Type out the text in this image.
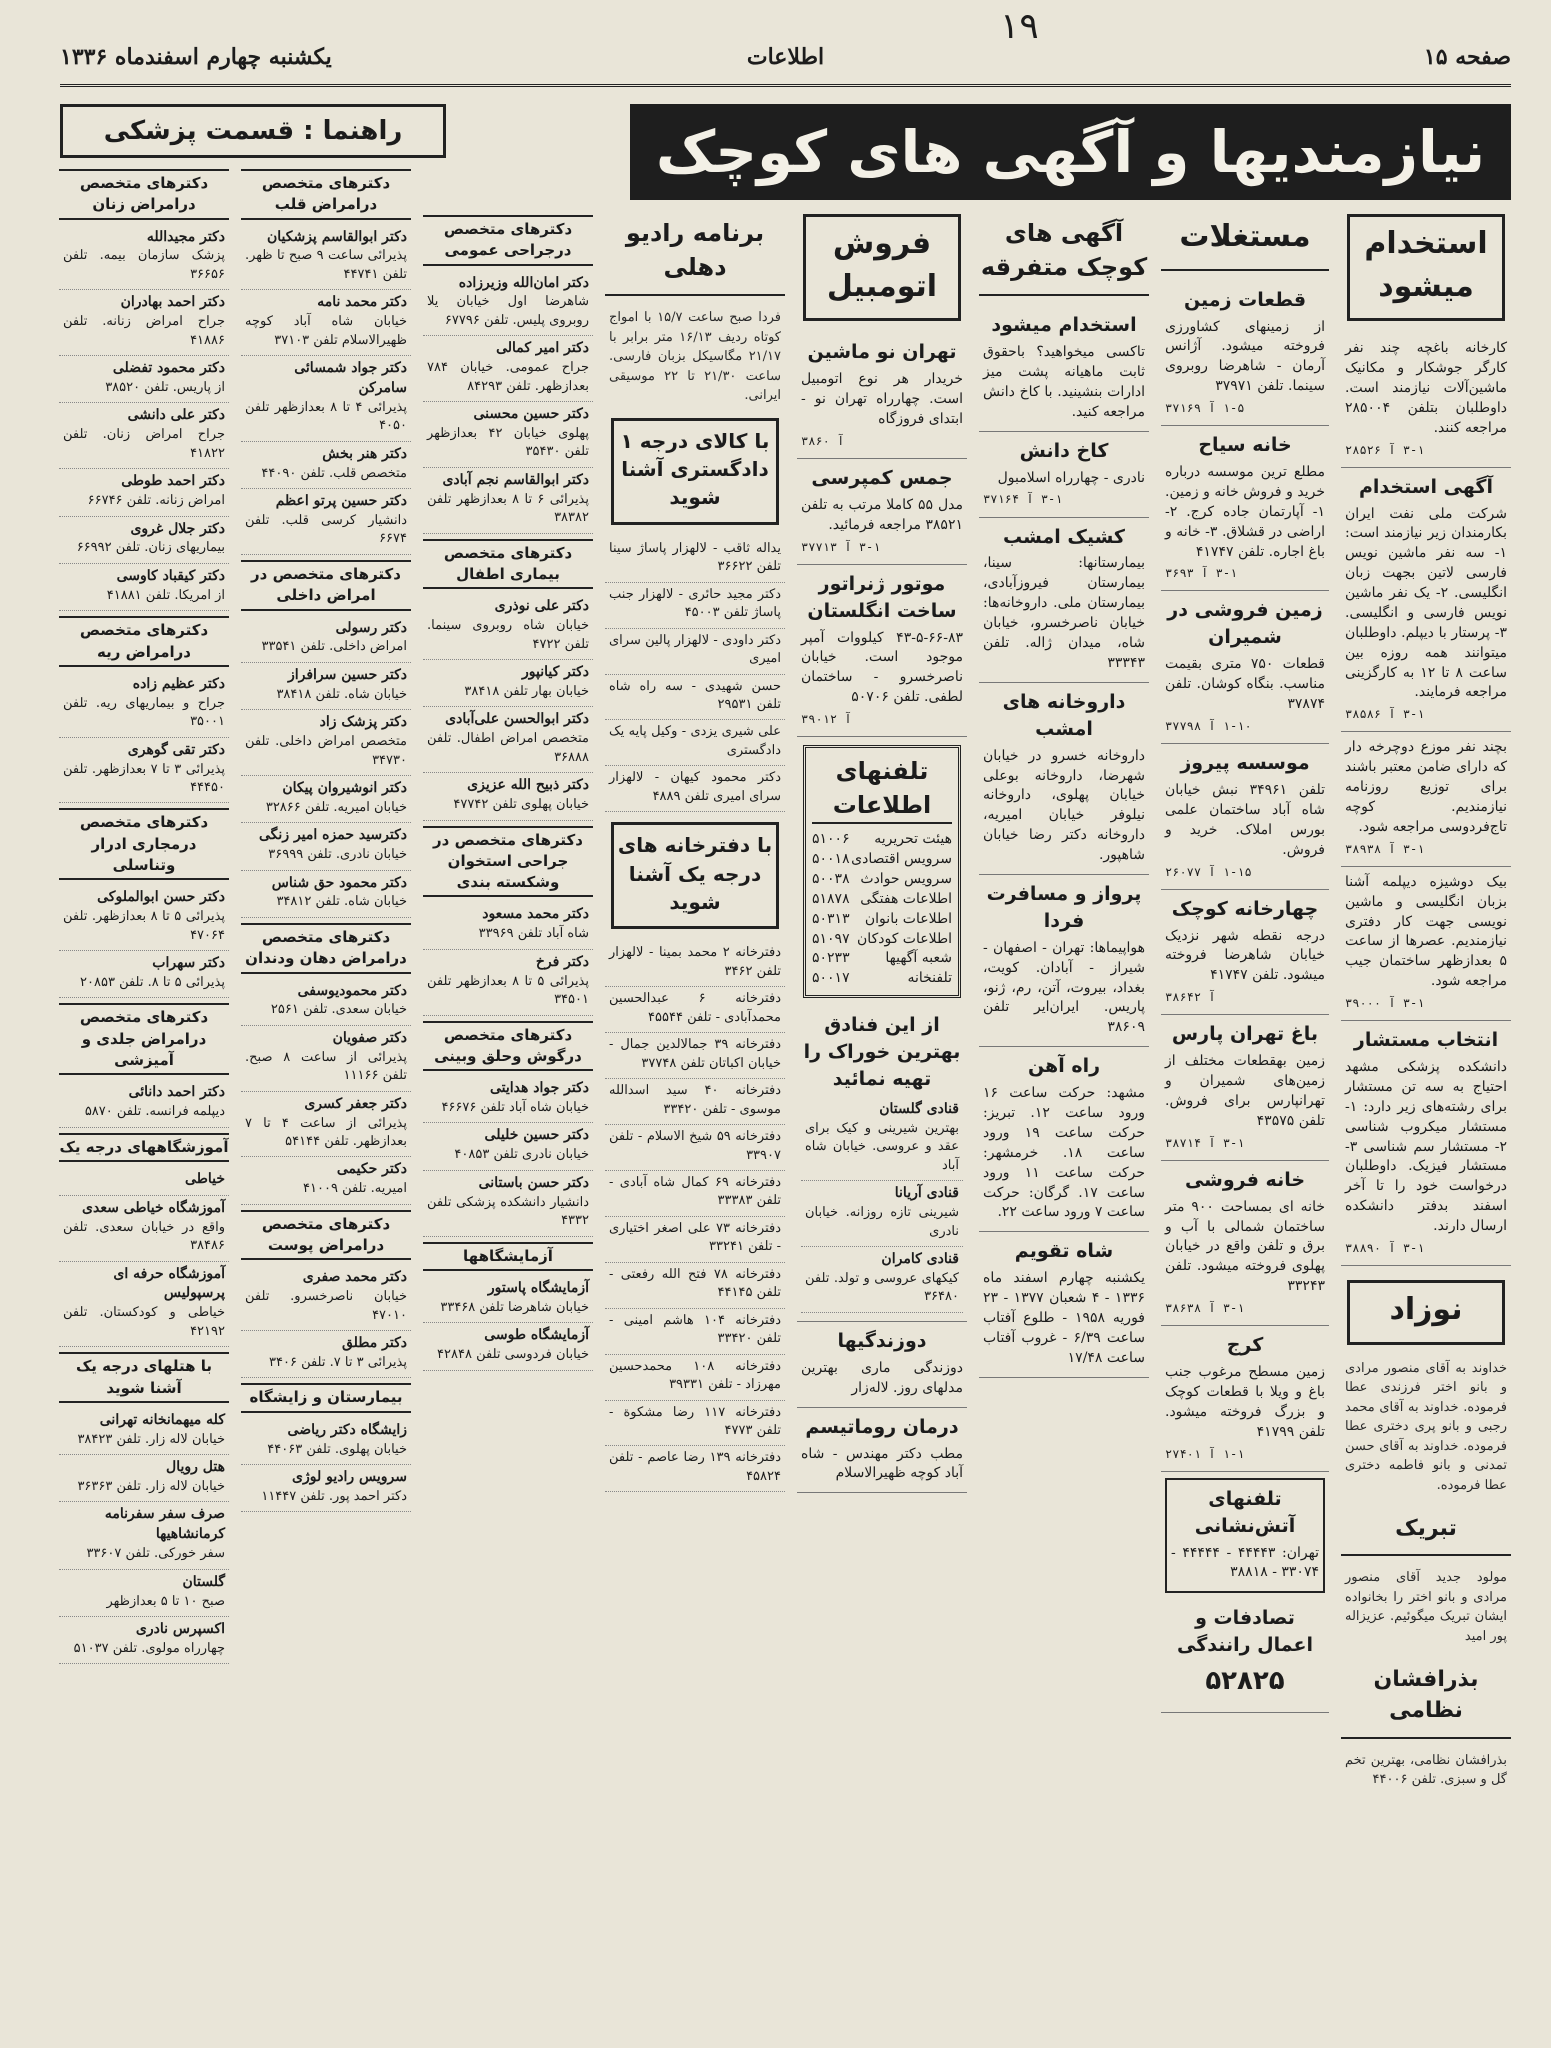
صفحه ۱۵
اطلاعات
یکشنبه چهارم اسفندماه ۱۳۳۶
۱۹
نیازمندیها و آگهی های کوچک
راهنما : قسمت پزشکی
استخدام میشود
کارخانه باغچه چند نفر کارگر جوشکار و مکانیک ماشین‌آلات نیازمند است. داوطلبان بتلفن ۲۸۵۰۰۴ مراجعه کنند.
۳-۱ آ ۲۸۵۲۶
آگهی استخدام
شرکت ملی نفت ایران بکارمندان زیر نیازمند است: ۱- سه نفر ماشین نویس فارسی لاتین بجهت زبان انگلیسی. ۲- یک نفر ماشین نویس فارسی و انگلیسی. ۳- پرستار با دیپلم. داوطلبان میتوانند همه روزه بین ساعت ۸ تا ۱۲ به کارگزینی مراجعه فرمایند.
۳-۱ آ ۳۸۵۸۶
بچند نفر موزع دوچرخه دار که دارای ضامن معتبر باشند برای توزیع روزنامه نیازمندیم. کوچه تاج‌فردوسی مراجعه شود.
۳-۱ آ ۳۸۹۳۸
بیک دوشیزه دیپلمه آشنا بزبان انگلیسی و ماشین نویسی جهت کار دفتری نیازمندیم. عصرها از ساعت ۵ بعدازظهر ساختمان جیب مراجعه شود.
۳-۱ آ ۳۹۰۰۰
انتخاب مستشار
دانشکده پزشکی مشهد احتیاج به سه تن مستشار برای رشته‌های زیر دارد: ۱- مستشار میکروب شناسی ۲- مستشار سم شناسی ۳- مستشار فیزیک. داوطلبان درخواست خود را تا آخر اسفند بدفتر دانشکده ارسال دارند.
۳-۱ آ ۳۸۸۹۰
نوزاد
خداوند به آقای منصور مرادی و بانو اختر فرزندی عطا فرموده. خداوند به آقای محمد رجبی و بانو پری دختری عطا فرموده. خداوند به آقای حسن تمدنی و بانو فاطمه دختری عطا فرموده.
تبریک
مولود جدید آقای منصور مرادی و بانو اختر را بخانواده ایشان تبریک میگوئیم. عزیزاله پور امید
بذرافشان نظامی
بذرافشان نظامی، بهترین تخم گل و سبزی. تلفن ۴۴۰۰۶
مستغلات
قطعات زمین
از زمینهای کشاورزی فروخته میشود. آژانس آرمان - شاهرضا روبروی سینما. تلفن ۳۷۹۷۱
۱-۵ آ ۳۷۱۶۹
خانه سیاح
مطلع ترین موسسه درباره خرید و فروش خانه و زمین. ۱- آپارتمان جاده کرج. ۲- اراضی در قشلاق. ۳- خانه و باغ اجاره. تلفن ۴۱۷۴۷
۳-۱ آ ۳۶۹۳
زمین فروشی در شمیران
قطعات ۷۵۰ متری بقیمت مناسب. بنگاه کوشان. تلفن ۳۷۸۷۴
۱-۱۰ آ ۳۷۷۹۸
موسسه پیروز
تلفن ۳۴۹۶۱ نبش خیابان شاه آباد ساختمان علمی بورس املاک. خرید و فروش.
۱-۱۵ آ ۲۶۰۷۷
چهارخانه کوچک
درجه نقطه شهر نزدیک خیابان شاهرضا فروخته میشود. تلفن ۴۱۷۴۷
آ ۳۸۶۴۲
باغ تهران پارس
زمین بهقطعات مختلف از زمین‌های شمیران و تهرانپارس برای فروش. تلفن ۴۳۵۷۵
۳-۱ آ ۳۸۷۱۴
خانه فروشی
خانه ای بمساحت ۹۰۰ متر ساختمان شمالی با آب و برق و تلفن واقع در خیابان پهلوی فروخته میشود. تلفن ۳۳۲۴۳
۳-۱ آ ۳۸۶۳۸
کرج
زمین مسطح مرغوب جنب باغ و ویلا با قطعات کوچک و بزرگ فروخته میشود. تلفن ۴۱۷۹۹
۱-۱ آ ۲۷۴۰۱
تلفنهای آتش‌نشانی
تهران: ۴۴۴۴۳ - ۴۴۴۴۴ - ۳۳۰۷۴ - ۳۸۸۱۸
تصادفات و اعمال رانندگی
۵۲۸۲۵
آگهی های کوچک متفرقه
استخدام میشود
تاکسی میخواهید؟ باحقوق ثابت ماهیانه پشت میز ادارات بنشینید. با کاخ دانش مراجعه کنید.
کاخ دانش
نادری - چهارراه اسلامبول
۳-۱ آ ۳۷۱۶۴
کشیک امشب
بیمارستانها: سینا، بیمارستان فیروزآبادی، بیمارستان ملی. داروخانه‌ها: خیابان ناصرخسرو، خیابان شاه، میدان ژاله. تلفن ۳۳۳۴۳
داروخانه های امشب
داروخانه خسرو در خیابان شهرضا، داروخانه بوعلی خیابان پهلوی، داروخانه نیلوفر خیابان امیریه، داروخانه دکتر رضا خیابان شاهپور.
پرواز و مسافرت فردا
هواپیماها: تهران - اصفهان - شیراز - آبادان. کویت، بغداد، بیروت، آتن، رم، ژنو، پاریس. ایران‌ایر تلفن ۳۸۶۰۹
راه آهن
مشهد: حرکت ساعت ۱۶ ورود ساعت ۱۲. تبریز: حرکت ساعت ۱۹ ورود ساعت ۱۸. خرمشهر: حرکت ساعت ۱۱ ورود ساعت ۱۷. گرگان: حرکت ساعت ۷ ورود ساعت ۲۲.
شاه تقویم
یکشنبه چهارم اسفند ماه ۱۳۳۶ - ۴ شعبان ۱۳۷۷ - ۲۳ فوریه ۱۹۵۸ - طلوع آفتاب ساعت ۶/۳۹ - غروب آفتاب ساعت ۱۷/۴۸
فروش اتومبیل
تهران نو ماشین
خریدار هر نوع اتومبیل است. چهارراه تهران نو - ابتدای فروزگاه
آ ۳۸۶۰
جمس کمپرسی
مدل ۵۵ کاملا مرتب به تلفن ۳۸۵۲۱ مراجعه فرمائید.
۳-۱ آ ۳۷۷۱۳
موتور ژنراتور ساخت انگلستان
۴۳-۵-۶۶-۸۳ کیلووات آمپر موجود است. خیابان ناصرخسرو - ساختمان لطفی. تلفن ۵۰۷۰۶
آ ۳۹۰۱۲
تلفنهای اطلاعات
هیئت تحریریه
۵۱۰۰۶
سرویس اقتصادی
۵۰۰۱۸
سرویس حوادث
۵۰۰۳۸
اطلاعات هفتگی
۵۱۸۷۸
اطلاعات بانوان
۵۰۳۱۳
اطلاعات کودکان
۵۱۰۹۷
شعبه آگهیها
۵۰۲۳۳
تلفنخانه
۵۰۰۱۷
از این فنادق بهترین خوراک را تهیه نمائید
قنادی گلستان
بهترین شیرینی و کیک برای عقد و عروسی. خیابان شاه آباد
قنادی آریانا
شیرینی تازه روزانه. خیابان نادری
قنادی کامران
کیکهای عروسی و تولد. تلفن ۳۶۴۸۰
دوزندگیها
دوزندگی ماری بهترین مدلهای روز. لاله‌زار
درمان روماتیسم
مطب دکتر مهندس - شاه آباد کوچه ظهیرالاسلام
برنامه رادیو دهلی
فردا صبح ساعت ۱۵/۷ با امواج کوتاه ردیف ۱۶/۱۳ متر برابر با ۲۱/۱۷ مگاسیکل بزبان فارسی. ساعت ۲۱/۳۰ تا ۲۲ موسیقی ایرانی.
با کالای درجه ۱ دادگستری آشنا شوید
یداله ثاقب - لالهزار پاساژ سینا تلفن ۳۶۶۲۲
دکتر مجید حائری - لالهزار جنب پاساژ تلفن ۴۵۰۰۳
دکتر داودی - لالهزار پالین سرای امیری
حسن شهیدی - سه راه شاه تلفن ۲۹۵۳۱
علی شیری یزدی - وکیل پایه یک دادگستری
دکتر محمود کیهان - لالهزار سرای امیری تلفن ۴۸۸۹
با دفترخانه های درجه یک آشنا شوید
دفترخانه ۲ محمد بمینا - لالهزار تلفن ۳۴۶۲
دفترخانه ۶ عبدالحسین محمدآبادی - تلفن ۴۵۵۴۴
دفترخانه ۳۹ جمالالدین جمال - خیابان اکباتان تلفن ۳۷۷۴۸
دفترخانه ۴۰ سید اسدالله موسوی - تلفن ۳۳۴۲۰
دفترخانه ۵۹ شیخ الاسلام - تلفن ۳۳۹۰۷
دفترخانه ۶۹ کمال شاه آبادی - تلفن ۳۳۳۸۳
دفترخانه ۷۳ علی اصغر اختیاری - تلفن ۳۳۲۴۱
دفترخانه ۷۸ فتح الله رفعتی - تلفن ۴۴۱۴۵
دفترخانه ۱۰۴ هاشم امینی - تلفن ۳۳۴۲۰
دفترخانه ۱۰۸ محمدحسین مهرزاد - تلفن ۳۹۳۳۱
دفترخانه ۱۱۷ رضا مشکوة - تلفن ۴۷۷۳
دفترخانه ۱۳۹ رضا عاصم - تلفن ۴۵۸۲۴
دکترهای متخصص درجراحی عمومی
دکتر امان‌الله وزیرزاده
شاهرضا اول خیابان یلا روبروی پلیس. تلفن ۶۷۷۹۶
دکتر امیر کمالی
جراح عمومی. خیابان ۷۸۴ بعدازظهر. تلفن ۸۴۲۹۳
دکتر حسین محسنی
پهلوی خیابان ۴۲ بعدازظهر تلفن ۳۵۴۳۰
دکتر ابوالقاسم نجم آبادی
پذیرائی ۶ تا ۸ بعدازظهر تلفن ۳۸۳۸۲
دکترهای متخصص بیماری اطفال
دکتر علی نوذری
خیابان شاه روبروی سینما. تلفن ۴۷۲۲
دکتر کیانپور
خیابان بهار تلفن ۳۸۴۱۸
دکتر ابوالحسن علی‌آبادی
متخصص امراض اطفال. تلفن ۳۶۸۸۸
دکتر ذبیح الله عزیزی
خیابان پهلوی تلفن ۴۷۷۴۲
دکترهای متخصص در جراحی استخوان وشکسته بندی
دکتر محمد مسعود
شاه آباد تلفن ۳۳۹۶۹
دکتر فرخ
پذیرائی ۵ تا ۸ بعدازظهر تلفن ۳۴۵۰۱
دکترهای متخصص درگوش وحلق وبینی
دکتر جواد هدایتی
خیابان شاه آباد تلفن ۴۶۶۷۶
دکتر حسین خلیلی
خیابان نادری تلفن ۴۰۸۵۳
دکتر حسن باستانی
دانشیار دانشکده پزشکی تلفن ۴۳۳۲
آزمایشگاهها
آزمایشگاه پاستور
خیابان شاهرضا تلفن ۳۳۴۶۸
آزمایشگاه طوسی
خیابان فردوسی تلفن ۴۲۸۴۸
دکترهای متخصص درامراض قلب
دکتر ابوالقاسم پزشکیان
پذیرائی ساعت ۹ صبح تا ظهر. تلفن ۴۴۷۴۱
دکتر محمد نامه
خیابان شاه آباد کوچه ظهیرالاسلام تلفن ۳۷۱۰۳
دکتر جواد شمسائی سامرکن
پذیرائی ۴ تا ۸ بعدازظهر تلفن ۴۰۵۰
دکتر هنر بخش
متخصص قلب. تلفن ۴۴۰۹۰
دکتر حسین پرتو اعظم
دانشیار کرسی قلب. تلفن ۶۶۷۴
دکترهای متخصص در امراض داخلی
دکتر رسولی
امراض داخلی. تلفن ۳۳۵۴۱
دکتر حسین سرافراز
خیابان شاه. تلفن ۳۸۴۱۸
دکتر پزشک زاد
متخصص امراض داخلی. تلفن ۳۴۷۳۰
دکتر انوشیروان پیکان
خیابان امیریه. تلفن ۳۲۸۶۶
دکترسید حمزه امیر زنگی
خیابان نادری. تلفن ۳۶۹۹۹
دکتر محمود حق شناس
خیابان شاه. تلفن ۳۴۸۱۲
دکترهای متخصص درامراض دهان ودندان
دکتر محمودیوسفی
خیابان سعدی. تلفن ۲۵۶۱
دکتر صفویان
پذیرائی از ساعت ۸ صبح. تلفن ۱۱۱۶۶
دکتر جعفر کسری
پذیرائی از ساعت ۴ تا ۷ بعدازظهر. تلفن ۵۴۱۴۴
دکتر حکیمی
امیریه. تلفن ۴۱۰۰۹
دکترهای متخصص درامراض پوست
دکتر محمد صفری
خیابان ناصرخسرو. تلفن ۴۷۰۱۰
دکتر مطلق
پذیرائی ۳ تا ۷. تلفن ۳۴۰۶
بیمارستان و زایشگاه
زایشگاه دکتر ریاضی
خیابان پهلوی. تلفن ۴۴۰۶۳
سرویس رادیو لوژی
دکتر احمد پور. تلفن ۱۱۴۴۷
دکترهای متخصص درامراض زنان
دکتر مجیدالله
پزشک سازمان بیمه. تلفن ۳۶۶۵۶
دکتر احمد بهادران
جراح امراض زنانه. تلفن ۴۱۸۸۶
دکتر محمود تفضلی
از پاریس. تلفن ۳۸۵۲۰
دکتر علی دانشی
جراح امراض زنان. تلفن ۴۱۸۲۲
دکتر احمد طوطی
امراض زنانه. تلفن ۶۶۷۴۶
دکتر جلال غروی
بیماریهای زنان. تلفن ۶۶۹۹۲
دکتر کیقباد کاوسی
از امریکا. تلفن ۴۱۸۸۱
دکترهای متخصص درامراض ریه
دکتر عظیم زاده
جراح و بیماریهای ریه. تلفن ۳۵۰۰۱
دکتر تقی گوهری
پذیرائی ۳ تا ۷ بعدازظهر. تلفن ۴۴۴۵۰
دکترهای متخصص درمجاری ادرار وتناسلی
دکتر حسن ابوالملوکی
پذیرائی ۵ تا ۸ بعدازظهر. تلفن ۴۷۰۶۴
دکتر سهراب
پذیرائی ۵ تا ۸. تلفن ۲۰۸۵۳
دکترهای متخصص درامراض جلدی و آمیزشی
دکتر احمد دانائی
دیپلمه فرانسه. تلفن ۵۸۷۰
آموزشگاههای درجه یک
خیاطی
آموزشگاه خیاطی سعدی
واقع در خیابان سعدی. تلفن ۳۸۴۸۶
آموزشگاه حرفه ای پرسپولیس
خیاطی و کودکستان. تلفن ۴۲۱۹۲
با هتلهای درجه یک آشنا شوید
کله میهمانخانه تهرانی
خیابان لاله زار. تلفن ۳۸۴۲۳
هتل رویال
خیابان لاله زار. تلفن ۳۶۳۶۳
صرف سفر سفرنامه کرمانشاهیها
سفر خورکی. تلفن ۳۳۶۰۷
گلستان
صبح ۱۰ تا ۵ بعدازظهر
اکسپرس نادری
چهارراه مولوی. تلفن ۵۱۰۳۷
